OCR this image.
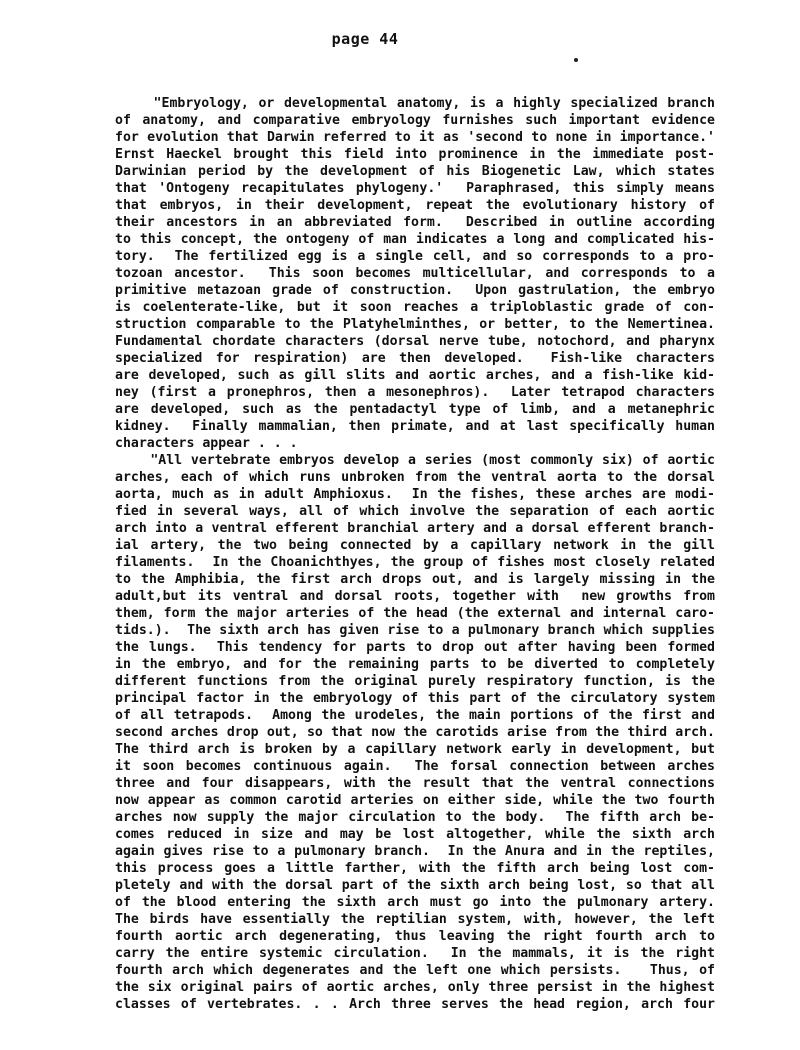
page 44
"Embryology, or developmental anatomy, is a highly specialized branch
of anatomy, and comparative embryology furnishes such important evidence
for evolution that Darwin referred to it as 'second to none in importance.'
Ernst Haeckel brought this field into prominence in the immediate post-
Darwinian period by the development of his Biogenetic Law, which states
that 'Ontogeny recapitulates phylogeny.'  Paraphrased, this simply means
that embryos, in their development, repeat the evolutionary history of
their ancestors in an abbreviated form.  Described in outline according
to this concept, the ontogeny of man indicates a long and complicated his-
tory.  The fertilized egg is a single cell, and so corresponds to a pro-
tozoan ancestor.  This soon becomes multicellular, and corresponds to a
primitive metazoan grade of construction.  Upon gastrulation, the embryo
is coelenterate-like, but it soon reaches a triploblastic grade of con-
struction comparable to the Platyhelminthes, or better, to the Nemertinea.
Fundamental chordate characters (dorsal nerve tube, notochord, and pharynx
specialized for respiration) are then developed.  Fish-like characters
are developed, such as gill slits and aortic arches, and a fish-like kid-
ney (first a pronephros, then a mesonephros).  Later tetrapod characters
are developed, such as the pentadactyl type of limb, and a metanephric
kidney.  Finally mammalian, then primate, and at last specifically human
characters appear . . .
"All vertebrate embryos develop a series (most commonly six) of aortic
arches, each of which runs unbroken from the ventral aorta to the dorsal
aorta, much as in adult Amphioxus.  In the fishes, these arches are modi-
fied in several ways, all of which involve the separation of each aortic
arch into a ventral efferent branchial artery and a dorsal efferent branch-
ial artery, the two being connected by a capillary network in the gill
filaments.  In the Choanichthyes, the group of fishes most closely related
to the Amphibia, the first arch drops out, and is largely missing in the
adult,but its ventral and dorsal roots, together with  new growths from
them, form the major arteries of the head (the external and internal caro-
tids.).  The sixth arch has given rise to a pulmonary branch which supplies
the lungs.  This tendency for parts to drop out after having been formed
in the embryo, and for the remaining parts to be diverted to completely
different functions from the original purely respiratory function, is the
principal factor in the embryology of this part of the circulatory system
of all tetrapods.  Among the urodeles, the main portions of the first and
second arches drop out, so that now the carotids arise from the third arch.
The third arch is broken by a capillary network early in development, but
it soon becomes continuous again.  The forsal connection between arches
three and four disappears, with the result that the ventral connections
now appear as common carotid arteries on either side, while the two fourth
arches now supply the major circulation to the body.  The fifth arch be-
comes reduced in size and may be lost altogether, while the sixth arch
again gives rise to a pulmonary branch.  In the Anura and in the reptiles,
this process goes a little farther, with the fifth arch being lost com-
pletely and with the dorsal part of the sixth arch being lost, so that all
of the blood entering the sixth arch must go into the pulmonary artery.
The birds have essentially the reptilian system, with, however, the left
fourth aortic arch degenerating, thus leaving the right fourth arch to
carry the entire systemic circulation.  In the mammals, it is the right
fourth arch which degenerates and the left one which persists.   Thus, of
the six original pairs of aortic arches, only three persist in the highest
classes of vertebrates. . . Arch three serves the head region, arch four
